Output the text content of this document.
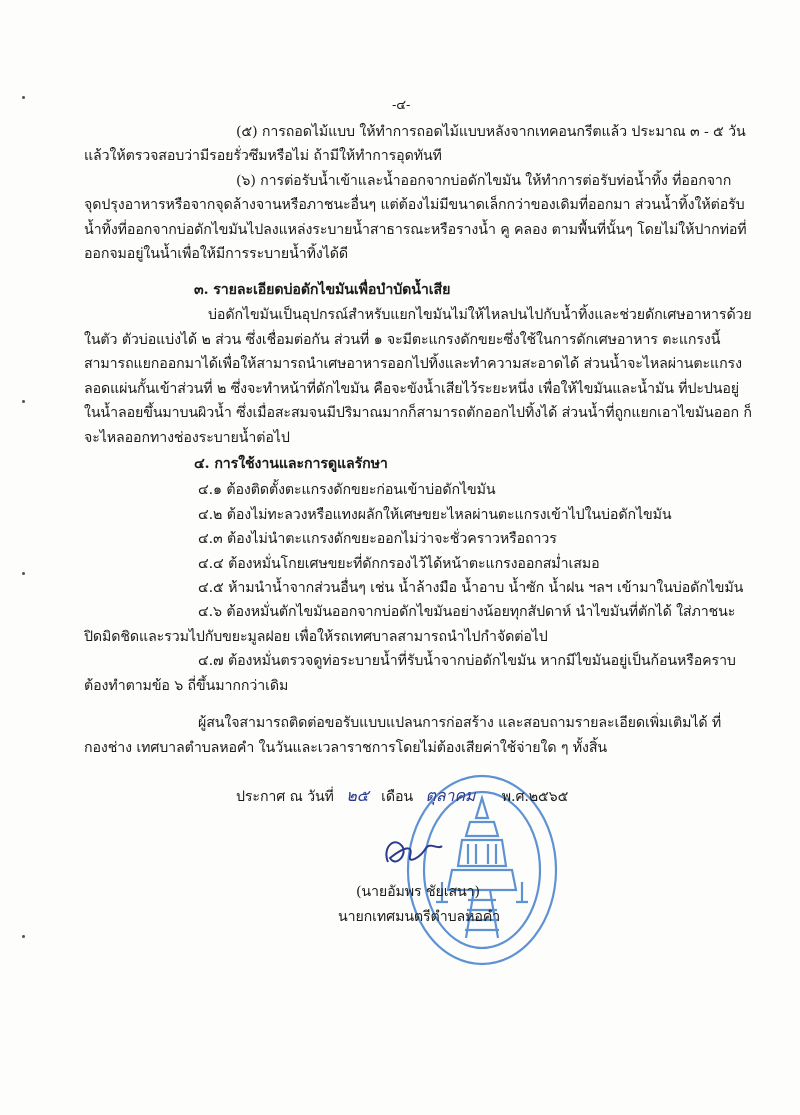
-๔-
(๕) การถอดไม้แบบ ให้ทำการถอดไม้แบบหลังจากเทคอนกรีตแล้ว ประมาณ ๓ - ๕ วัน
แล้วให้ตรวจสอบว่ามีรอยรั่วซึมหรือไม่ ถ้ามีให้ทำการอุดทันที
(๖) การต่อรับน้ำเข้าและน้ำออกจากบ่อดักไขมัน ให้ทำการต่อรับท่อน้ำทิ้ง ที่ออกจาก
จุดปรุงอาหารหรือจากจุดล้างจานหรือภาชนะอื่นๆ แต่ต้องไม่มีขนาดเล็กกว่าของเดิมที่ออกมา ส่วนน้ำทิ้งให้ต่อรับ
น้ำทิ้งที่ออกจากบ่อดักไขมันไปลงแหล่งระบายน้ำสาธารณะหรือรางน้ำ คู คลอง ตามพื้นที่นั้นๆ โดยไม่ให้ปากท่อที่
ออกจมอยู่ในน้ำเพื่อให้มีการระบายน้ำทิ้งได้ดี
๓. รายละเอียดบ่อดักไขมันเพื่อบำบัดน้ำเสีย
บ่อดักไขมันเป็นอุปกรณ์สำหรับแยกไขมันไม่ให้ไหลปนไปกับน้ำทิ้งและช่วยดักเศษอาหารด้วย
ในตัว ตัวบ่อแบ่งได้ ๒ ส่วน ซึ่งเชื่อมต่อกัน ส่วนที่ ๑ จะมีตะแกรงดักขยะซึ่งใช้ในการดักเศษอาหาร ตะแกรงนี้
สามารถแยกออกมาได้เพื่อให้สามารถนำเศษอาหารออกไปทิ้งและทำความสะอาดได้ ส่วนน้ำจะไหลผ่านตะแกรง
ลอดแผ่นกั้นเข้าส่วนที่ ๒ ซึ่งจะทำหน้าที่ดักไขมัน คือจะขังน้ำเสียไว้ระยะหนึ่ง เพื่อให้ไขมันและน้ำมัน ที่ปะปนอยู่
ในน้ำลอยขึ้นมาบนผิวน้ำ ซึ่งเมื่อสะสมจนมีปริมาณมากก็สามารถตักออกไปทิ้งได้ ส่วนน้ำที่ถูกแยกเอาไขมันออก ก็
จะไหลออกทางช่องระบายน้ำต่อไป
๔. การใช้งานและการดูแลรักษา
๔.๑ ต้องติดตั้งตะแกรงดักขยะก่อนเข้าบ่อดักไขมัน
๔.๒ ต้องไม่ทะลวงหรือแทงผลักให้เศษขยะไหลผ่านตะแกรงเข้าไปในบ่อดักไขมัน
๔.๓ ต้องไม่นำตะแกรงดักขยะออกไม่ว่าจะชั่วคราวหรือถาวร
๔.๔ ต้องหมั่นโกยเศษขยะที่ดักกรองไว้ได้หน้าตะแกรงออกสม่ำเสมอ
๔.๕ ห้ามนำน้ำจากส่วนอื่นๆ เช่น น้ำล้างมือ น้ำอาบ น้ำซัก น้ำฝน ฯลฯ เข้ามาในบ่อดักไขมัน
๔.๖ ต้องหมั่นตักไขมันออกจากบ่อดักไขมันอย่างน้อยทุกสัปดาห์ นำไขมันที่ตักได้ ใส่ภาชนะ
ปิดมิดชิดและรวมไปกับขยะมูลฝอย เพื่อให้รถเทศบาลสามารถนำไปกำจัดต่อไป
๔.๗ ต้องหมั่นตรวจดูท่อระบายน้ำที่รับน้ำจากบ่อดักไขมัน หากมีไขมันอยู่เป็นก้อนหรือคราบ
ต้องทำตามข้อ ๖ ถี่ขึ้นมากกว่าเดิม
ผู้สนใจสามารถติดต่อขอรับแบบแปลนการก่อสร้าง และสอบถามรายละเอียดเพิ่มเติมได้ ที่
กองช่าง เทศบาลตำบลหอคำ ในวันและเวลาราชการโดยไม่ต้องเสียค่าใช้จ่ายใด ๆ ทั้งสิ้น
ประกาศ ณ วันที่ ๒๕ เดือน ตุลาคม พ.ศ.๒๕๖๕
(นายอัมพร ชัยเสนา)
นายกเทศมนตรีตำบลหอคำ
